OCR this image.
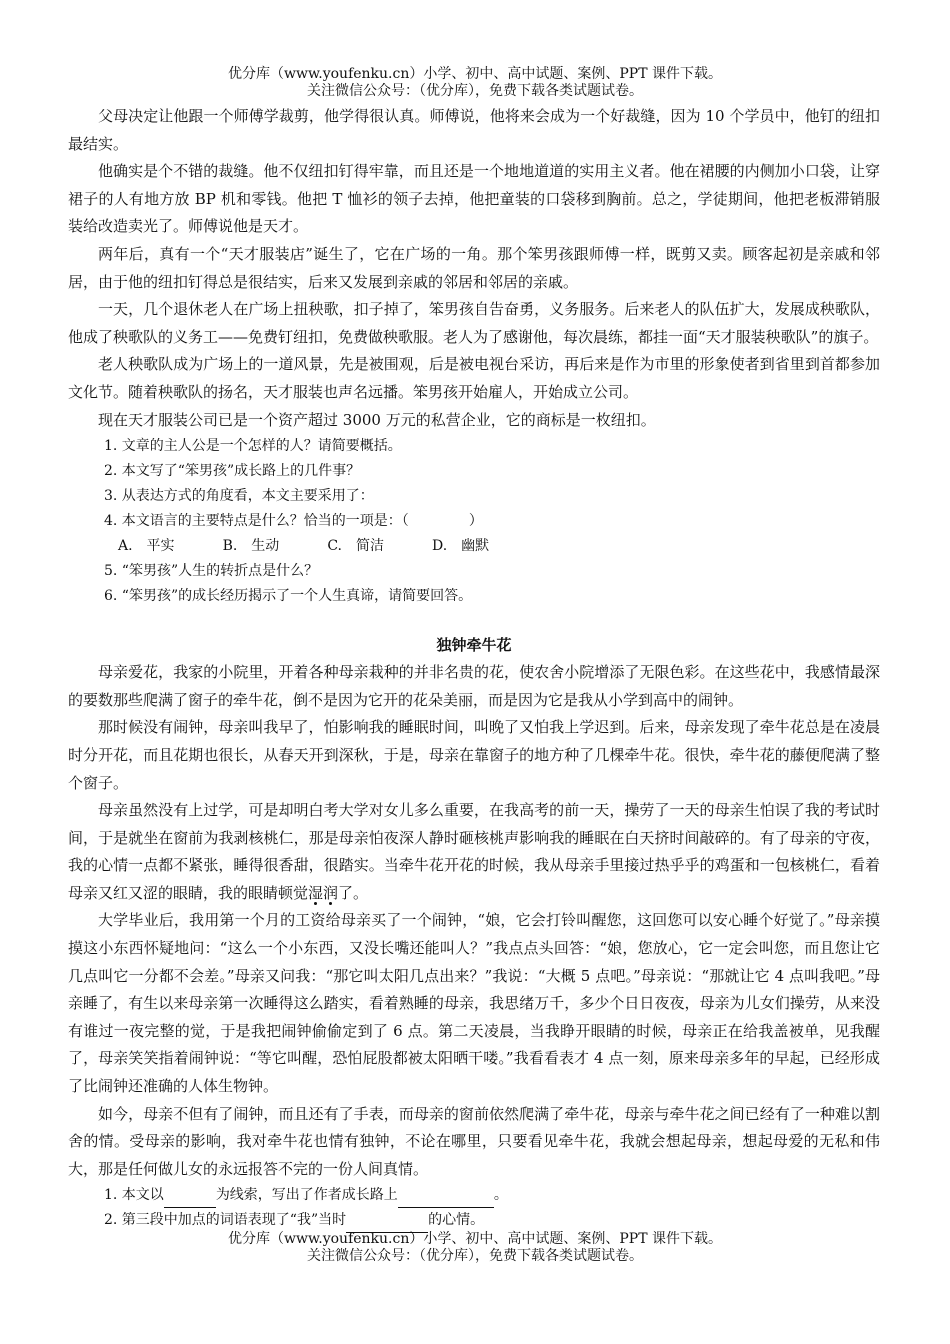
优分库（www.youfenku.cn）小学、初中、高中试题、案例、PPT 课件下载。
关注微信公众号：（优分库），免费下载各类试题试卷。

父母决定让他跟一个师傅学裁剪，他学得很认真。师傅说，他将来会成为一个好裁缝，因为 10 个学员中，他钉的纽扣最结实。

他确实是个不错的裁缝。他不仅纽扣钉得牢靠，而且还是一个地地道道的实用主义者。他在裙腰的内侧加小口袋，让穿裙子的人有地方放 BP 机和零钱。他把 T 恤衫的领子去掉，他把童装的口袋移到胸前。总之，学徒期间，他把老板滞销服装给改造卖光了。师傅说他是天才。

两年后，真有一个“天才服装店”诞生了，它在广场的一角。那个笨男孩跟师傅一样，既剪又卖。顾客起初是亲戚和邻居，由于他的纽扣钉得总是很结实，后来又发展到亲戚的邻居和邻居的亲戚。

一天，几个退休老人在广场上扭秧歌，扣子掉了，笨男孩自告奋勇，义务服务。后来老人的队伍扩大，发展成秧歌队，他成了秧歌队的义务工——免费钉纽扣，免费做秧歌服。老人为了感谢他，每次晨练，都挂一面“天才服装秧歌队”的旗子。

老人秧歌队成为广场上的一道风景，先是被围观，后是被电视台采访，再后来是作为市里的形象使者到省里到首都参加文化节。随着秧歌队的扬名，天才服装也声名远播。笨男孩开始雇人，开始成立公司。

现在天才服装公司已是一个资产超过 3000 万元的私营企业，它的商标是一枚纽扣。

1. 文章的主人公是一个怎样的人？请简要概括。
2. 本文写了“笨男孩”成长路上的几件事？
3. 从表达方式的角度看，本文主要采用了：
4. 本文语言的主要特点是什么？恰当的一项是：（	）
A.　平实	B.　生动	C.　简洁	D.　幽默
5. “笨男孩”人生的转折点是什么？
6. “笨男孩”的成长经历揭示了一个人生真谛，请简要回答。

独钟牵牛花

母亲爱花，我家的小院里，开着各种母亲栽种的并非名贵的花，使农舍小院增添了无限色彩。在这些花中，我感情最深的要数那些爬满了窗子的牵牛花，倒不是因为它开的花朵美丽，而是因为它是我从小学到高中的闹钟。

那时候没有闹钟，母亲叫我早了，怕影响我的睡眠时间，叫晚了又怕我上学迟到。后来，母亲发现了牵牛花总是在凌晨时分开花，而且花期也很长，从春天开到深秋，于是，母亲在靠窗子的地方种了几棵牵牛花。很快，牵牛花的藤便爬满了整个窗子。

母亲虽然没有上过学，可是却明白考大学对女儿多么重要，在我高考的前一天，操劳了一天的母亲生怕误了我的考试时间，于是就坐在窗前为我剥核桃仁，那是母亲怕夜深人静时砸核桃声影响我的睡眠在白天挤时间敲碎的。有了母亲的守夜，我的心情一点都不紧张，睡得很香甜，很踏实。当牵牛花开花的时候，我从母亲手里接过热乎乎的鸡蛋和一包核桃仁，看着母亲又红又涩的眼睛，我的眼睛顿觉湿润了。

大学毕业后，我用第一个月的工资给母亲买了一个闹钟，“娘，它会打铃叫醒您，这回您可以安心睡个好觉了。”母亲摸摸这小东西怀疑地问：“这么一个小东西，又没长嘴还能叫人？”我点点头回答：“娘，您放心，它一定会叫您，而且您让它几点叫它一分都不会差。”母亲又问我：“那它叫太阳几点出来？”我说：“大概 5 点吧。”母亲说：“那就让它 4 点叫我吧。”母亲睡了，有生以来母亲第一次睡得这么踏实，看着熟睡的母亲，我思绪万千，多少个日日夜夜，母亲为儿女们操劳，从来没有谁过一夜完整的觉，于是我把闹钟偷偷定到了 6 点。第二天凌晨，当我睁开眼睛的时候，母亲正在给我盖被单，见我醒了，母亲笑笑指着闹钟说：“等它叫醒，恐怕屁股都被太阳晒干喽。”我看看表才 4 点一刻，原来母亲多年的早起，已经形成了比闹钟还准确的人体生物钟。

如今，母亲不但有了闹钟，而且还有了手表，而母亲的窗前依然爬满了牵牛花，母亲与牵牛花之间已经有了一种难以割舍的情。受母亲的影响，我对牵牛花也情有独钟，不论在哪里，只要看见牵牛花，我就会想起母亲，想起母爱的无私和伟大，那是任何做儿女的永远报答不完的一份人间真情。

1. 本文以	为线索，写出了作者成长路上	。
2. 第三段中加点的词语表现了“我”当时	的心情。
优分库（www.youfenku.cn）小学、初中、高中试题、案例、PPT 课件下载。
关注微信公众号：（优分库），免费下载各类试题试卷。
